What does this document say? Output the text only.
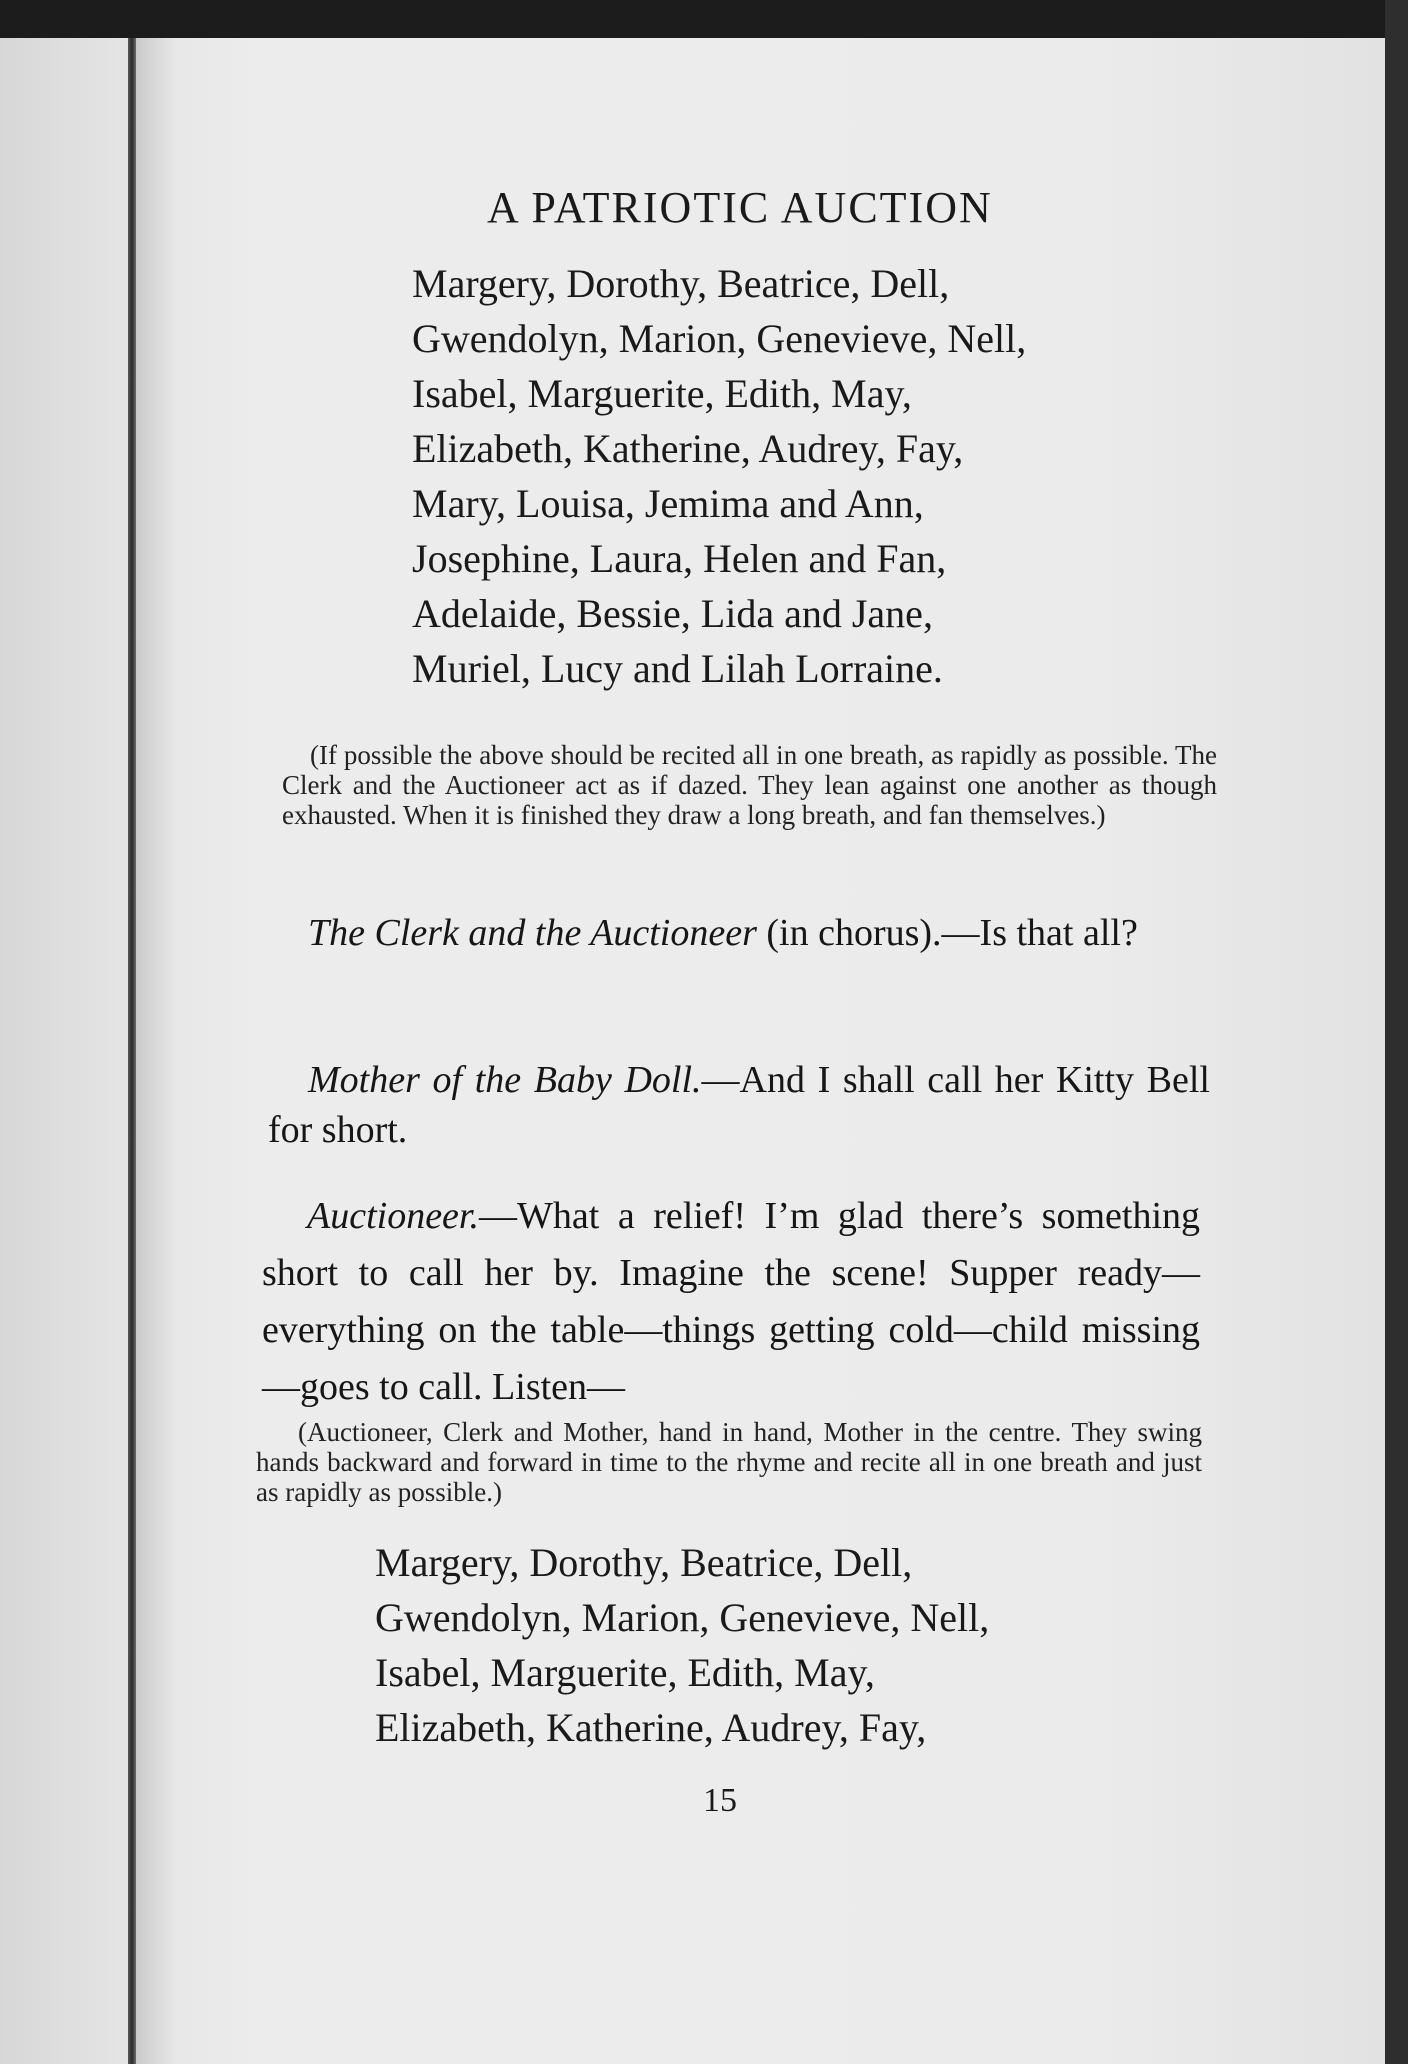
A PATRIOTIC AUCTION
Margery, Dorothy, Beatrice, Dell,
Gwendolyn, Marion, Genevieve, Nell,
Isabel, Marguerite, Edith, May,
Elizabeth, Katherine, Audrey, Fay,
Mary, Louisa, Jemima and Ann,
Josephine, Laura, Helen and Fan,
Adelaide, Bessie, Lida and Jane,
Muriel, Lucy and Lilah Lorraine.

(If possible the above should be recited all in one breath, as rapidly as possible. The Clerk and the Auctioneer act as if dazed. They lean against one another as though exhausted. When it is finished they draw a long breath, and fan themselves.)

The Clerk and the Auctioneer (in chorus).—Is that all?

Mother of the Baby Doll.—And I shall call her Kitty Bell for short.

Auctioneer.—What a relief! I’m glad there’s something short to call her by. Imagine the scene! Supper ready—everything on the table—things getting cold—child missing—goes to call. Listen—

(Auctioneer, Clerk and Mother, hand in hand, Mother in the centre. They swing hands backward and forward in time to the rhyme and recite all in one breath and just as rapidly as possible.)

Margery, Dorothy, Beatrice, Dell,
Gwendolyn, Marion, Genevieve, Nell,
Isabel, Marguerite, Edith, May,
Elizabeth, Katherine, Audrey, Fay,
15
